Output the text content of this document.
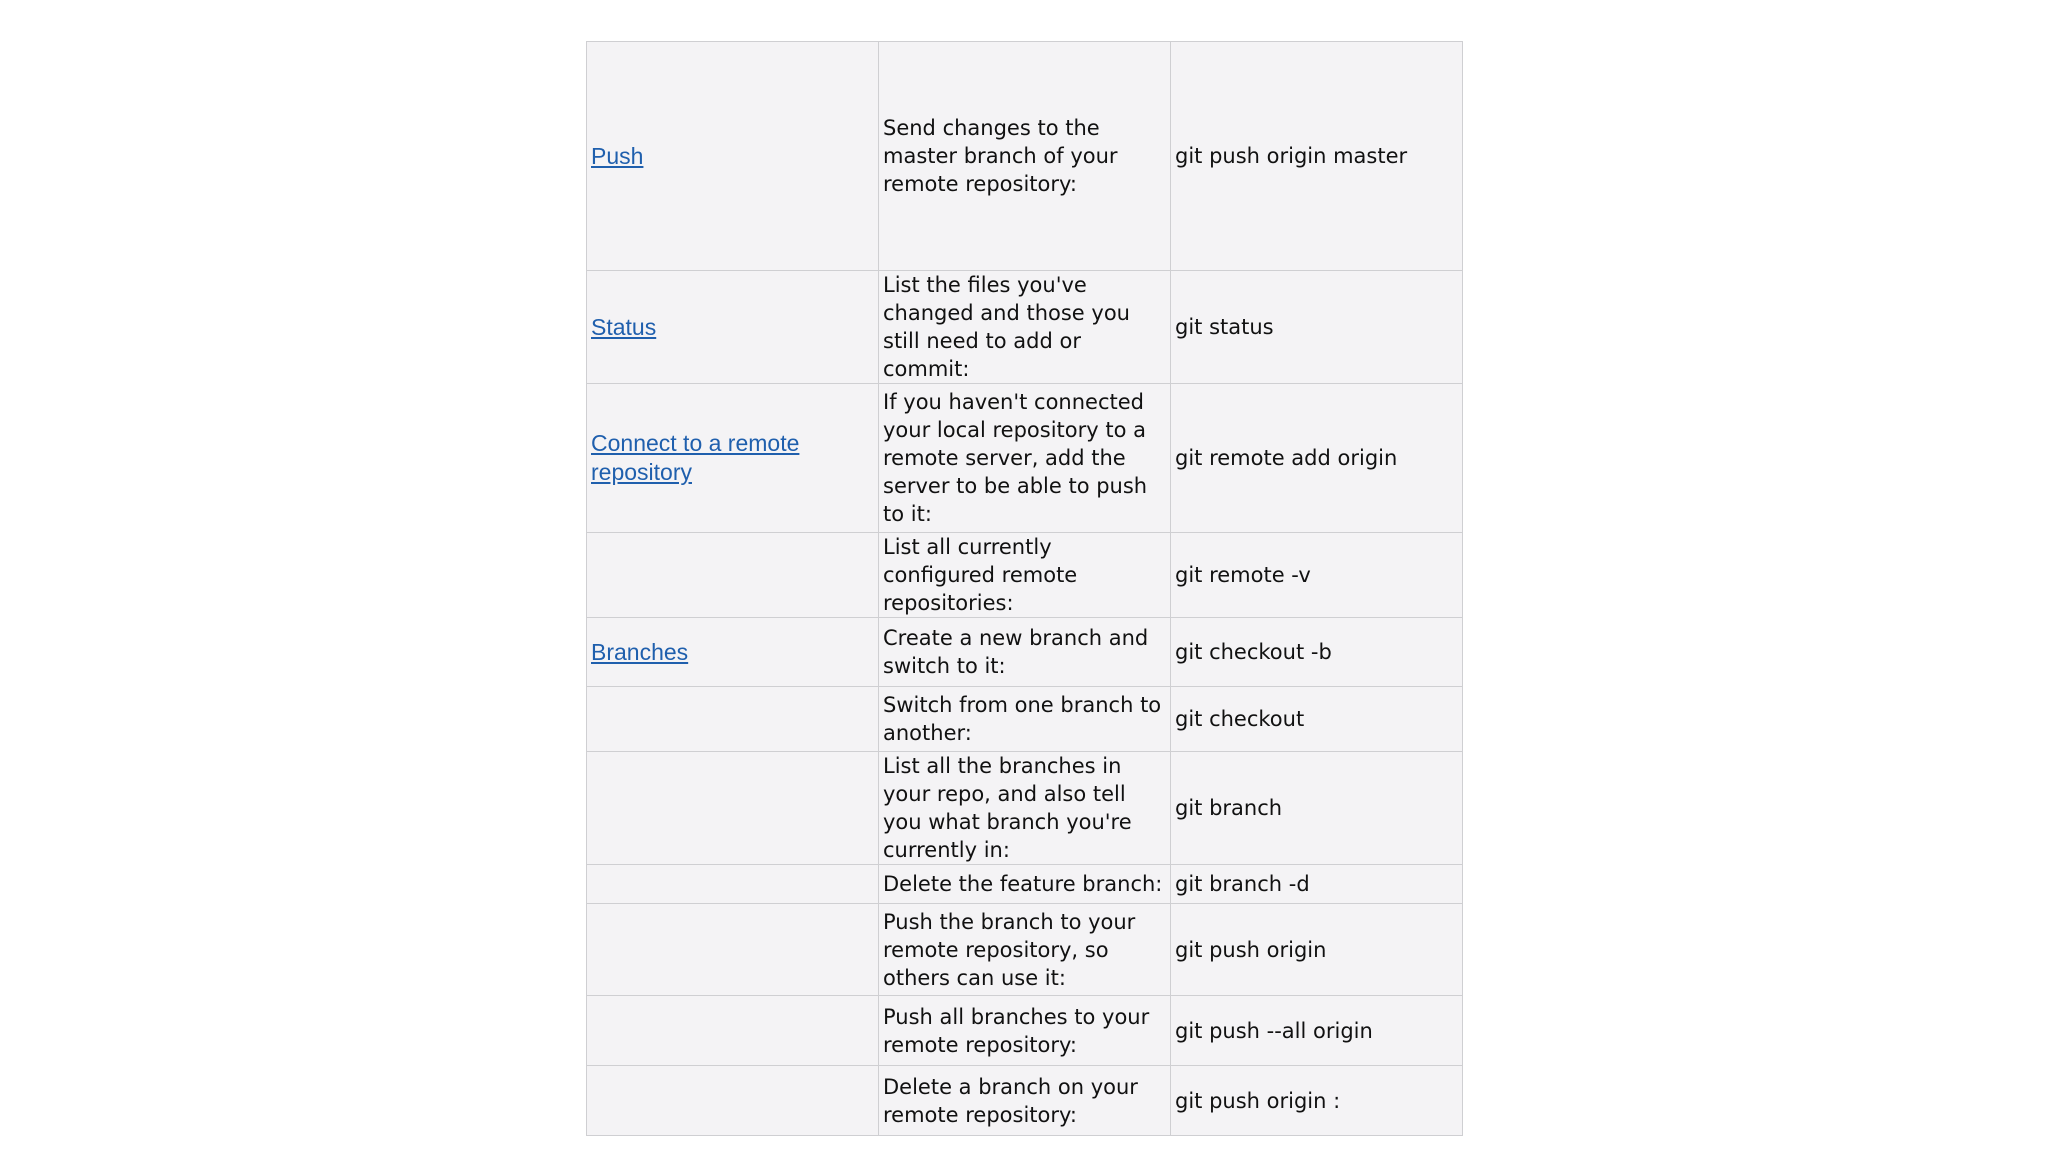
Push	Send changes to the master branch of your remote repository:	git push origin master
Status	List the files you've changed and those you still need to add or commit:	git status
Connect to a remote repository	If you haven't connected your local repository to a remote server, add the server to be able to push to it:	git remote add origin
	List all currently configured remote repositories:	git remote -v
Branches	Create a new branch and switch to it:	git checkout -b
	Switch from one branch to another:	git checkout
	List all the branches in your repo, and also tell you what branch you're currently in:	git branch
	Delete the feature branch:	git branch -d
	Push the branch to your remote repository, so others can use it:	git push origin
	Push all branches to your remote repository:	git push --all origin
	Delete a branch on your remote repository:	git push origin :
